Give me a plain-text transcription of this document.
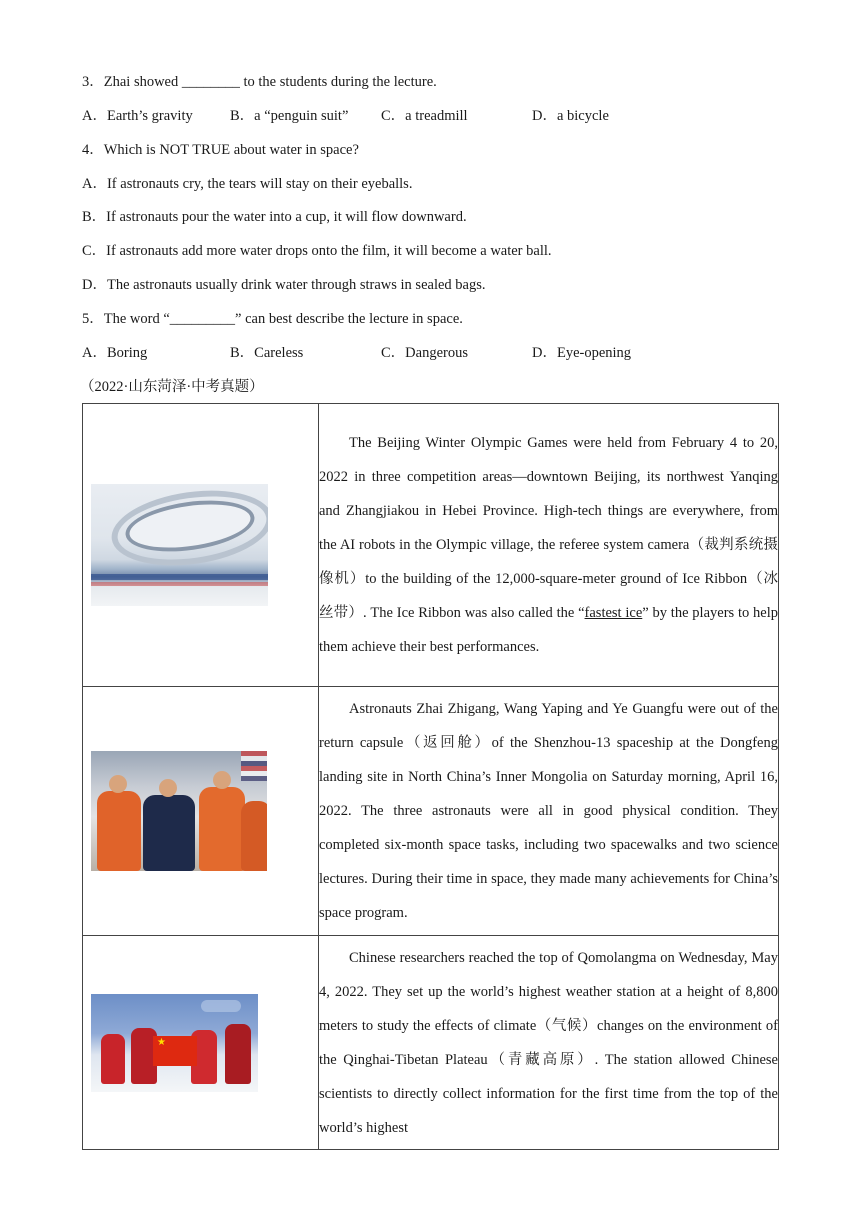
3．Zhai showed ________ to the students during the lecture.
A．Earth’s gravity	B．a “penguin suit” C．a treadmill	D．a bicycle
4．Which is NOT TRUE about water in space?
A．If astronauts cry, the tears will stay on their eyeballs.
B．If astronauts pour the water into a cup, it will flow downward.
C．If astronauts add more water drops onto the film, it will become a water ball.
D．The astronauts usually drink water through straws in sealed bags.
5．The word “_________” can best describe the lecture in space.
A．Boring	B．Careless	C．Dangerous	D．Eye-opening
（2022·山东菏泽·中考真题）

	The Beijing Winter Olympic Games were held from February 4 to 20, 2022 in three competition areas—downtown Beijing, its northwest Yanqing and Zhangjiakou in Hebei Province. High-tech things are everywhere, from the AI robots in the Olympic village, the referee system camera（裁判系统摄像机）to the building of the 12,000-square-meter ground of Ice Ribbon（冰丝带）. The Ice Ribbon was also called the “fastest ice” by the players to help them achieve their best performances.

	Astronauts Zhai Zhigang, Wang Yaping and Ye Guangfu were out of the return capsule（返回舱）of the Shenzhou-13 spaceship at the Dongfeng landing site in North China’s Inner Mongolia on Saturday morning, April 16, 2022. The three astronauts were all in good physical condition. They completed six-month space tasks, including two spacewalks and two science lectures. During their time in space, they made many achievements for China’s space program.

★	Chinese researchers reached the top of Qomolangma on Wednesday, May 4, 2022. They set up the world’s highest weather station at a height of 8,800 meters to study the effects of climate（气候）changes on the environment of the Qinghai-Tibetan Plateau（青藏高原）. The station allowed Chinese scientists to directly collect information for the first time from the top of the world’s highest
